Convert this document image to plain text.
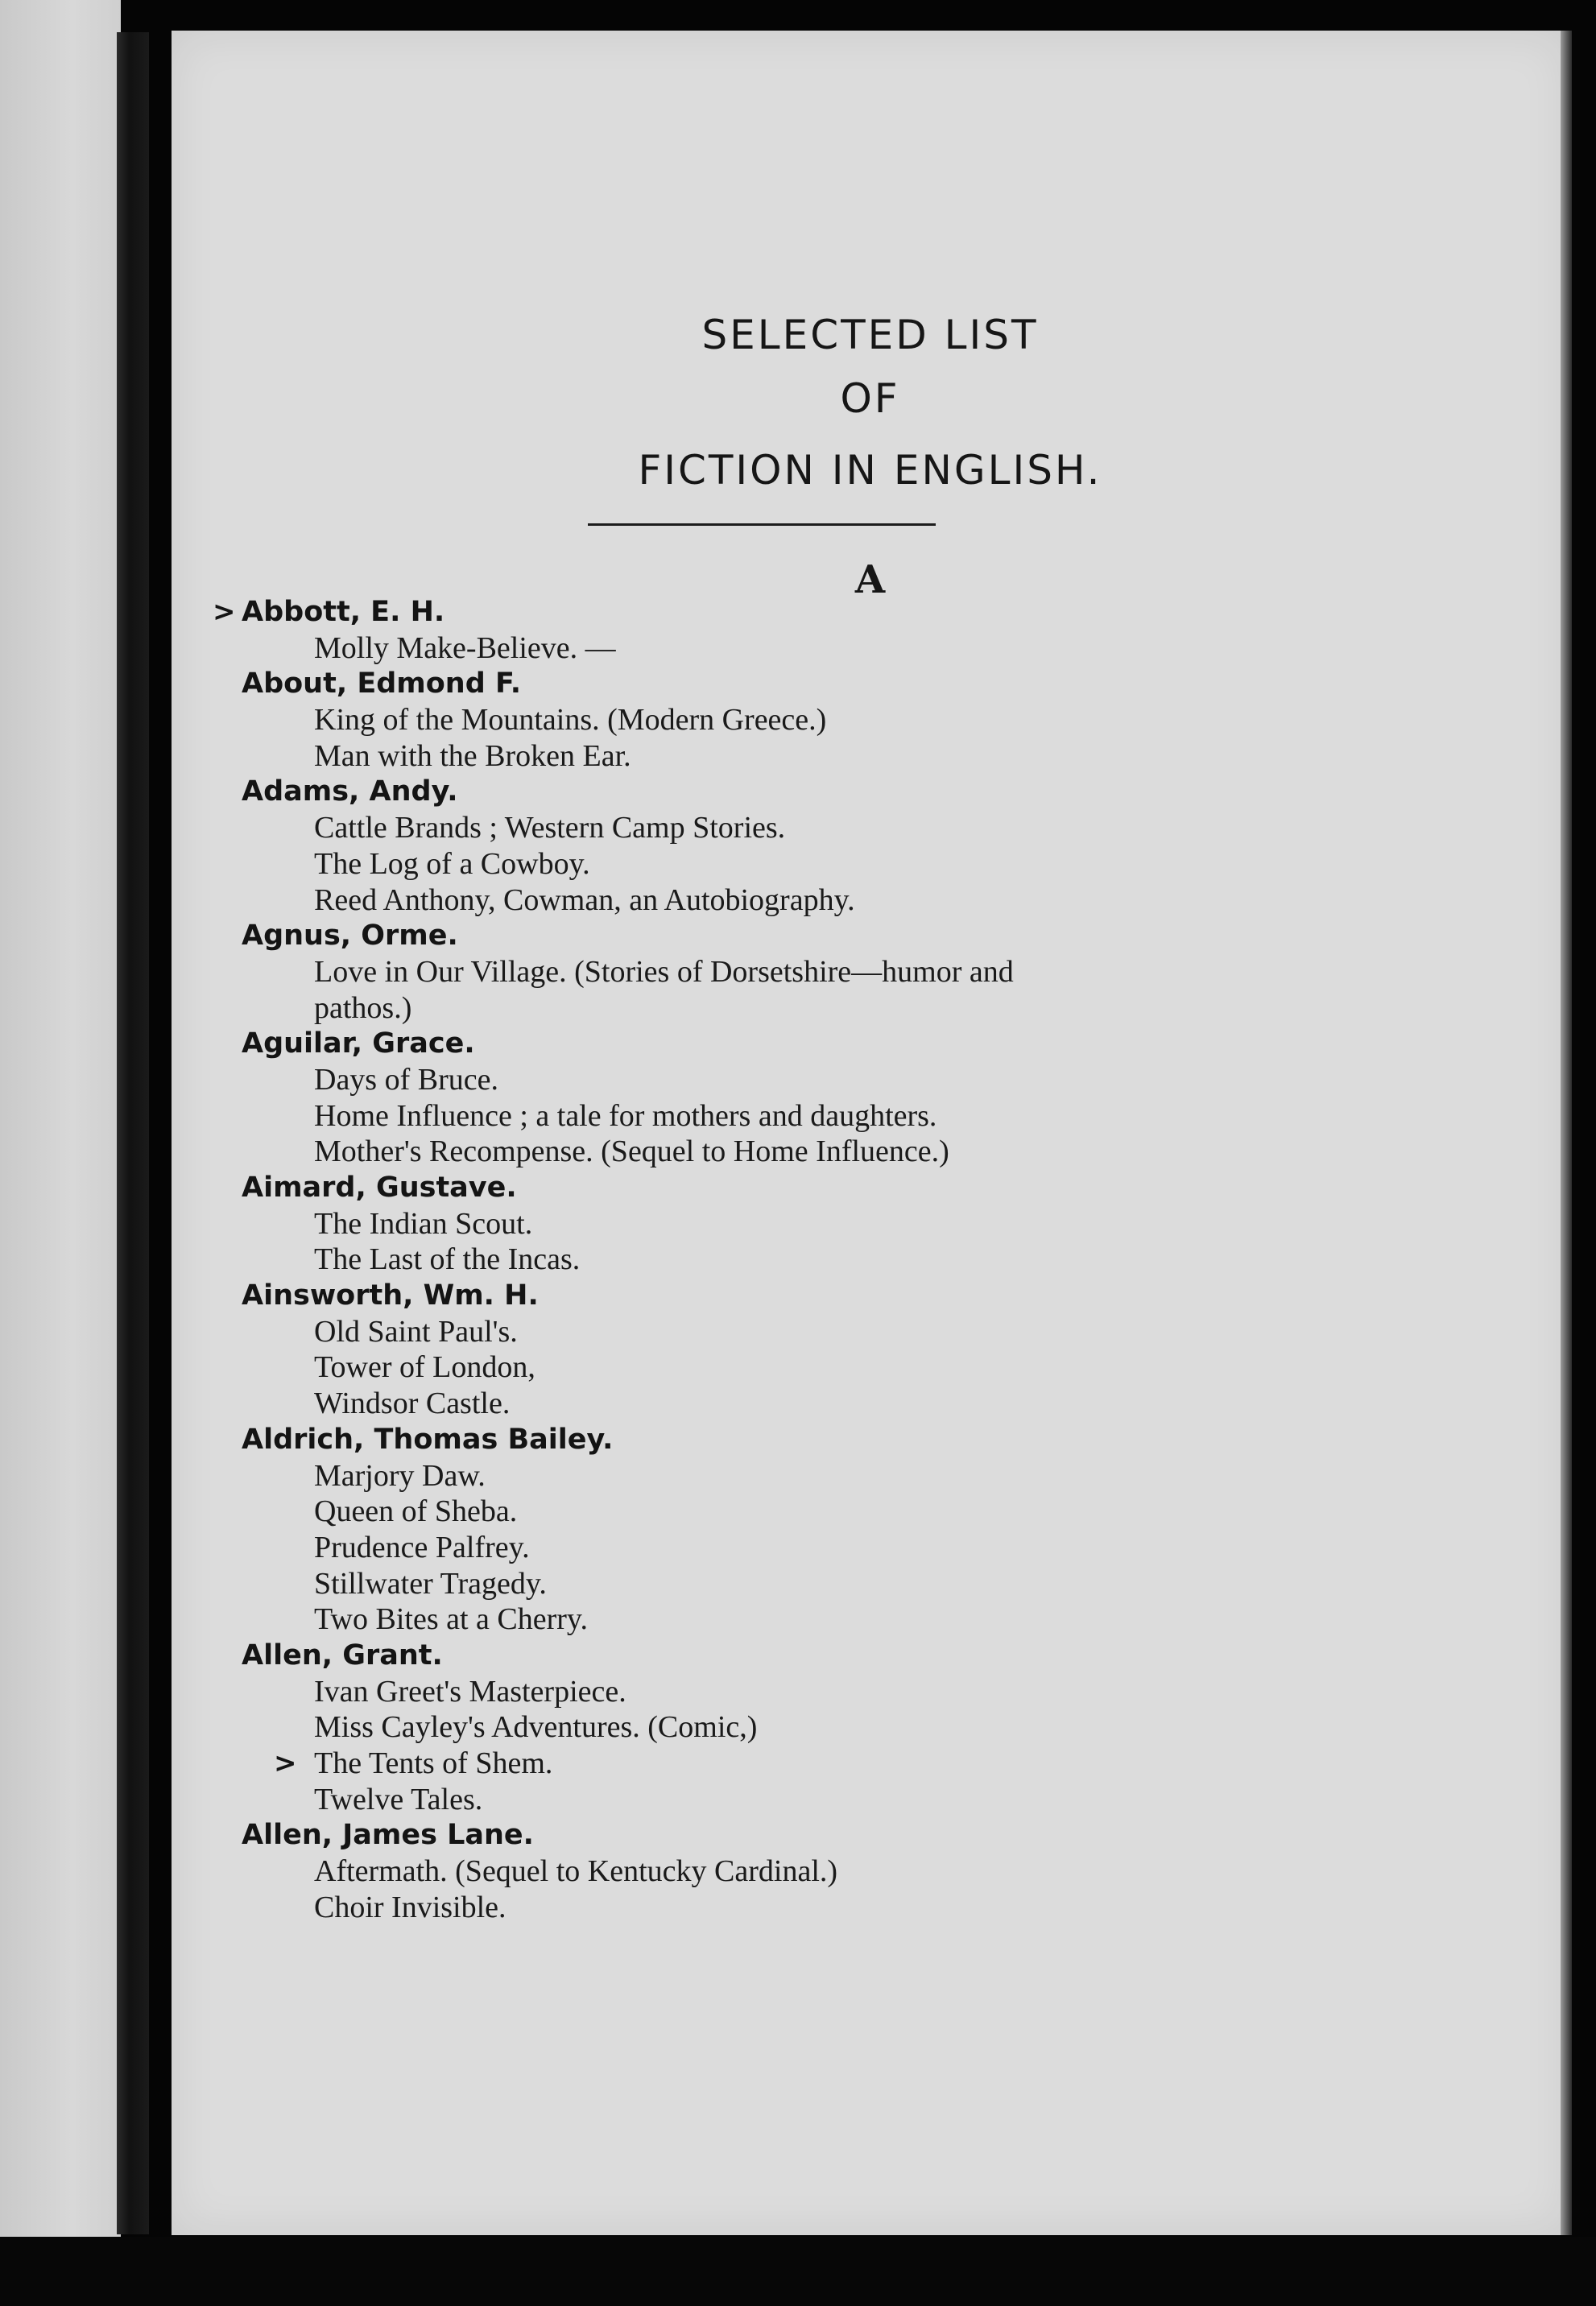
SELECTED LIST
OF
FICTION IN ENGLISH.
A
> Abbott, E. H.
Molly Make-Believe. —
About, Edmond F.
King of the Mountains. (Modern Greece.)
Man with the Broken Ear.
Adams, Andy.
Cattle Brands ; Western Camp Stories.
The Log of a Cowboy.
Reed Anthony, Cowman, an Autobiography.
Agnus, Orme.
Love in Our Village. (Stories of Dorsetshire—humor and
pathos.)
Aguilar, Grace.
Days of Bruce.
Home Influence ; a tale for mothers and daughters.
Mother's Recompense. (Sequel to Home Influence.)
Aimard, Gustave.
The Indian Scout.
The Last of the Incas.
Ainsworth, Wm. H.
Old Saint Paul's.
Tower of London,
Windsor Castle.
Aldrich, Thomas Bailey.
Marjory Daw.
Queen of Sheba.
Prudence Palfrey.
Stillwater Tragedy.
Two Bites at a Cherry.
Allen, Grant.
Ivan Greet's Masterpiece.
Miss Cayley's Adventures. (Comic,)
> The Tents of Shem.
Twelve Tales.
Allen, James Lane.
Aftermath. (Sequel to Kentucky Cardinal.)
Choir Invisible.
